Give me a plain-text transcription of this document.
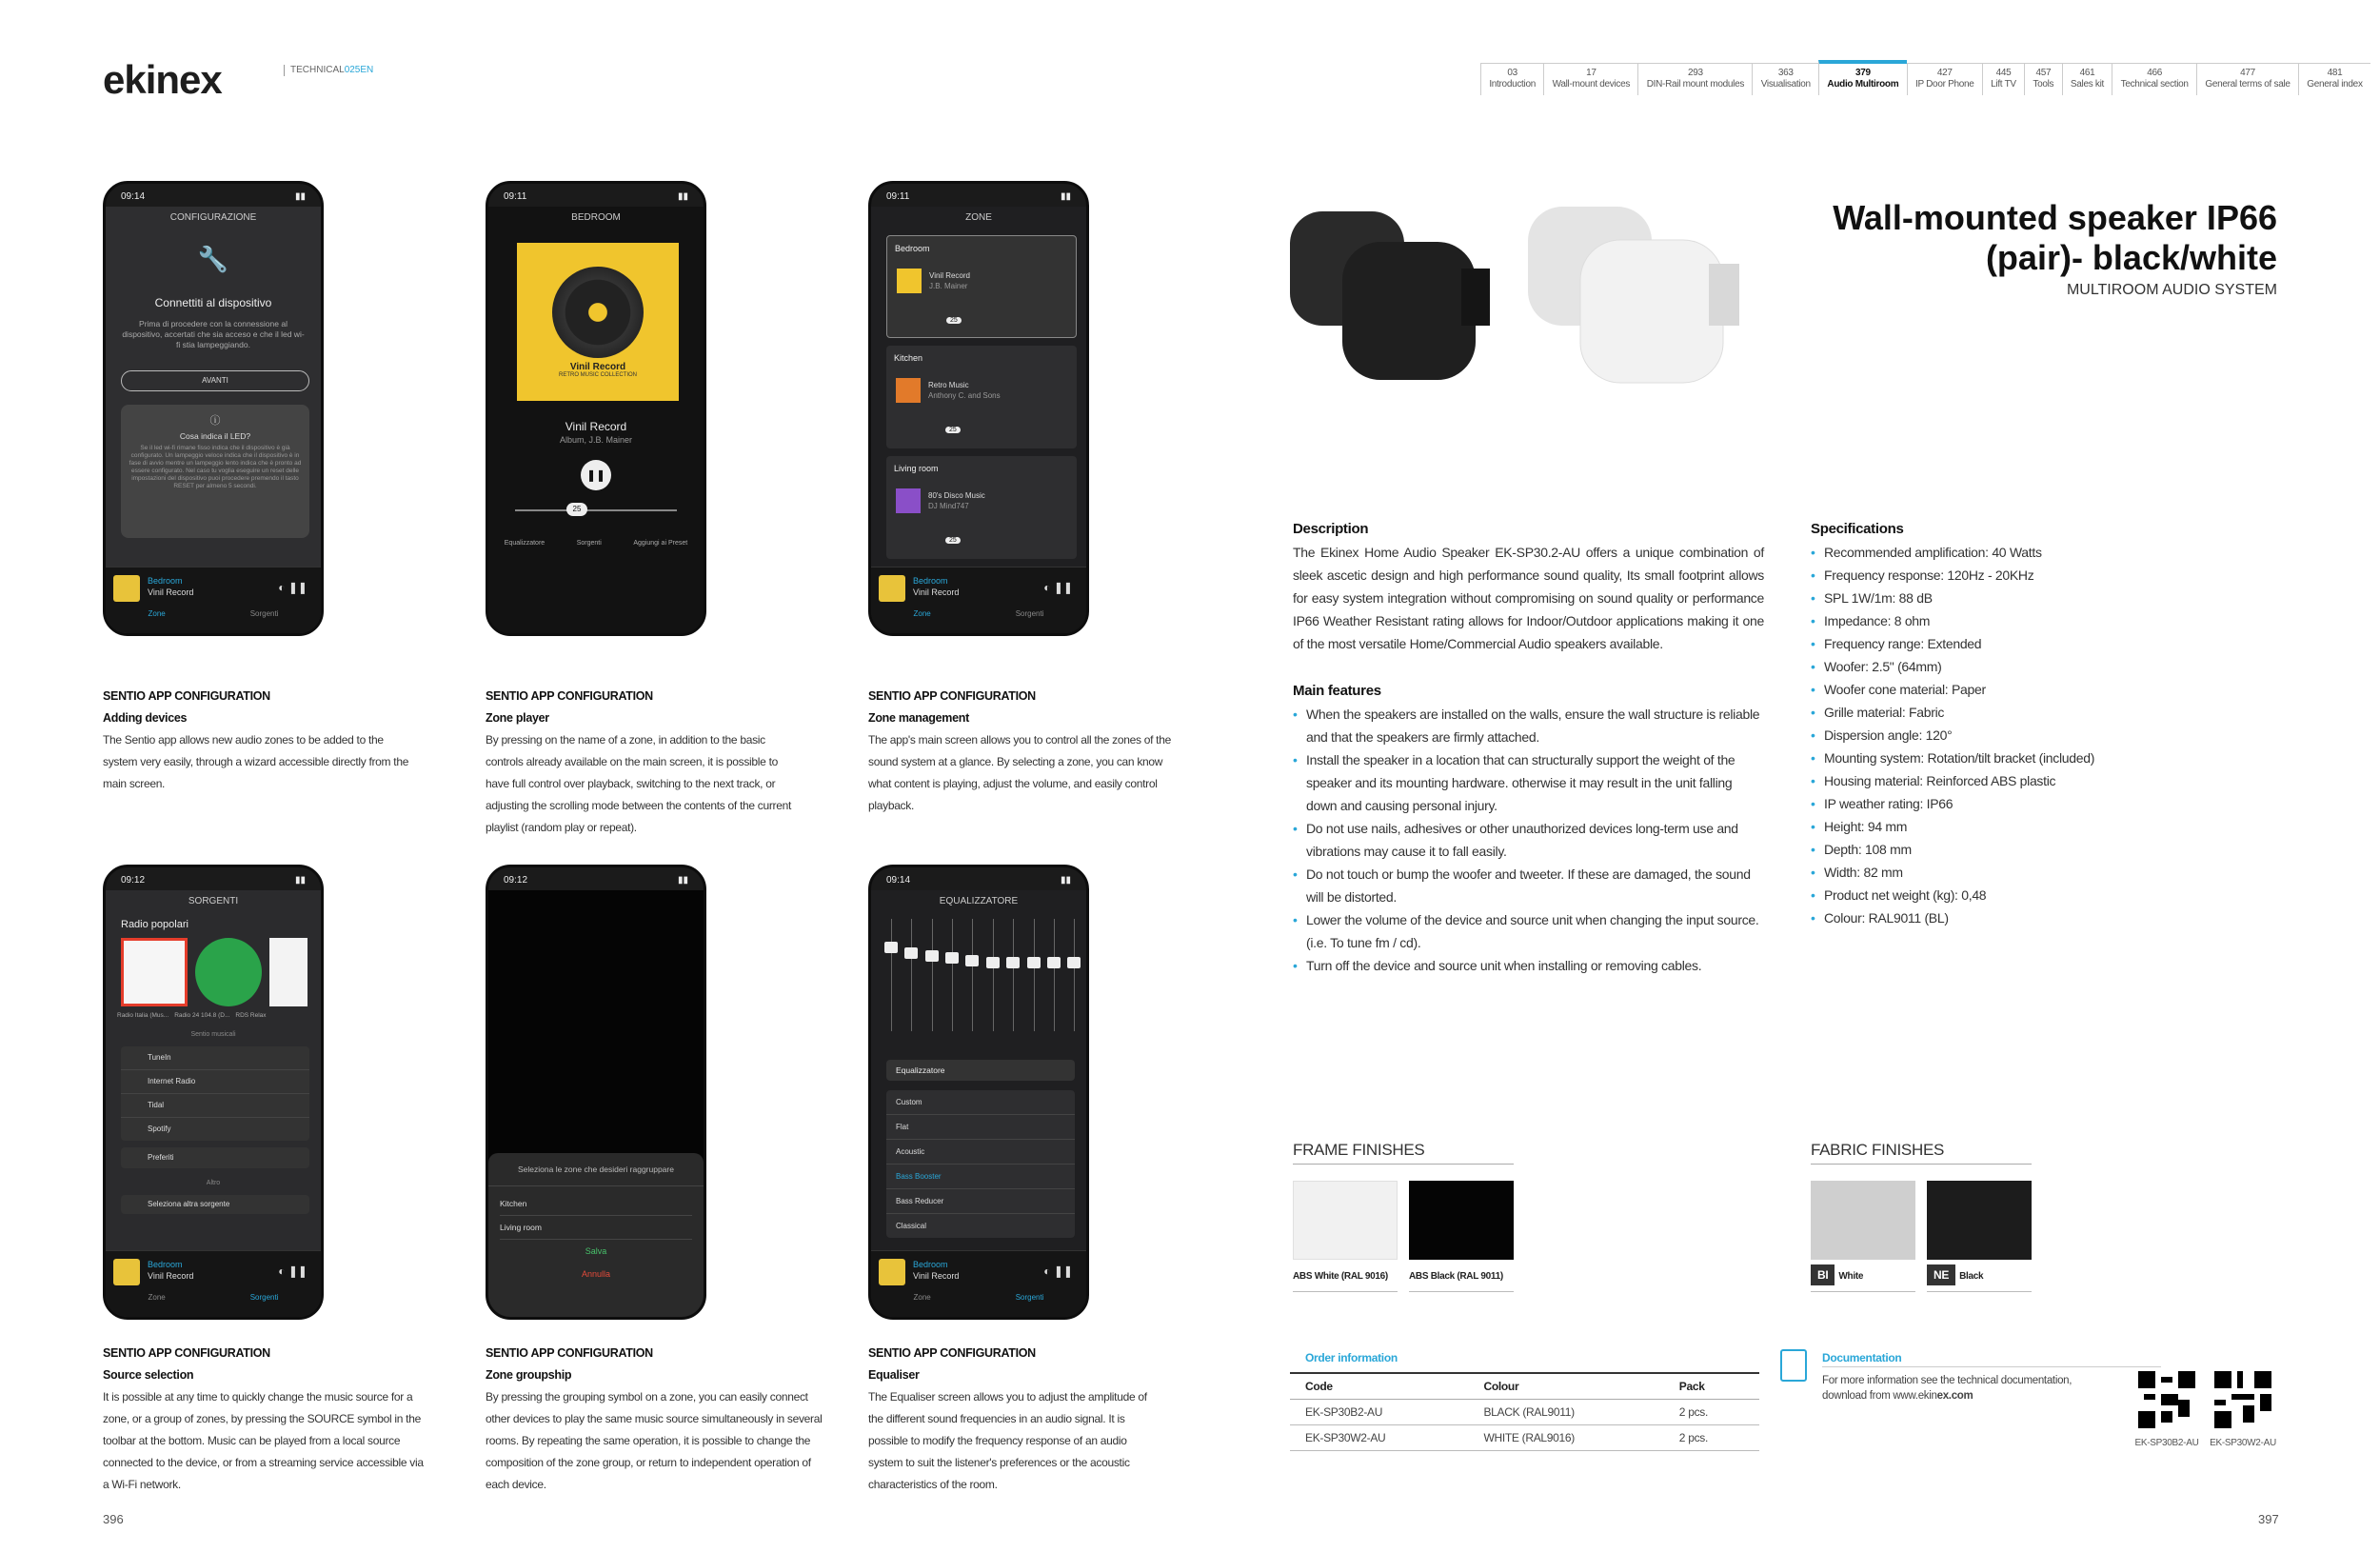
ekinex	TECHNICAL025EN	03
Introduction
17
Wall-mount devices
293
DIN-Rail mount modules
363
Visualisation
379
Audio Multiroom
427
IP Door Phone
445
Lift TV
457
Tools
461
Sales kit
466
Technical section
477
General terms of sale
481
General index
09:14	▮▮
CONFIGURAZIONE
🔧
Connettiti al dispositivo
Prima di procedere con la connessione al dispositivo, accertati che sia acceso e che il led wi-fi stia lampeggiando.
AVANTI
ⓘ
Cosa indica il LED?
Se il led wi-fi rimane fisso indica che il dispositivo è già configurato. Un lampeggio veloce indica che il dispositivo è in fase di avvio mentre un lampeggio lento indica che è pronto ad essere configurato. Nel caso tu voglia eseguire un reset delle impostazioni del dispositivo puoi procedere premendo il tasto RESET per almeno 5 secondi.
Bedroom
Vinil Record	◐ ❚❚
Zone	Sorgenti
09:11	▮▮
BEDROOM
Vinil Record
RETRO MUSIC COLLECTION
Vinil Record
Album, J.B. Mainer
❚❚
25
Equalizzatore	Sorgenti	Aggiungi ai Preset
09:11	▮▮
ZONE
Bedroom
Vinil Record
J.B. Mainer
25
Kitchen
Retro Music
Anthony C. and Sons
25
Living room
80's Disco Music
DJ Mind747
25
Bedroom
Vinil Record	◐ ❚❚
Zone	Sorgenti
09:12	▮▮
SORGENTI
Radio popolari
Radio Italia (Mus... Radio 24 104.8 (D... RDS Relax
Sentio musicali
TuneIn
Internet Radio
Tidal
Spotify
Preferiti
Altro
Seleziona altra sorgente
Bedroom
Vinil Record	◐ ❚❚
Zone	Sorgenti
09:12	▮▮
Seleziona le zone che desideri raggruppare
Kitchen
Living room
Salva
Annulla
09:14	▮▮
EQUALIZZATORE
Equalizzatore
Custom
Flat
Acoustic
Bass Booster
Bass Reducer
Classical
Bedroom
Vinil Record	◐ ❚❚
Zone	Sorgenti
SENTIO APP CONFIGURATION
Adding devices

The Sentio app allows new audio zones to be added to the system very easily, through a wizard accessible directly from the main screen.

SENTIO APP CONFIGURATION
Zone player

By pressing on the name of a zone, in addition to the basic controls already available on the main screen, it is possible to have full control over playback, switching to the next track, or adjusting the scrolling mode between the contents of the current playlist (random play or repeat).

SENTIO APP CONFIGURATION
Zone management

The app's main screen allows you to control all the zones of the sound system at a glance. By selecting a zone, you can know what content is playing, adjust the volume, and easily control playback.

SENTIO APP CONFIGURATION
Source selection

It is possible at any time to quickly change the music source for a zone, or a group of zones, by pressing the SOURCE symbol in the toolbar at the bottom. Music can be played from a local source connected to the device, or from a streaming service accessible via a Wi-Fi network.

SENTIO APP CONFIGURATION
Zone groupship

By pressing the grouping symbol on a zone, you can easily connect other devices to play the same music source simultaneously in several rooms. By repeating the same operation, it is possible to change the composition of the zone group, or return to independent operation of each device.

SENTIO APP CONFIGURATION
Equaliser

The Equaliser screen allows you to adjust the amplitude of the different sound frequencies in an audio signal. It is possible to modify the frequency response of an audio system to suit the listener's preferences or the acoustic characteristics of the room.

Wall-mounted speaker IP66
(pair)- black/white
MULTIROOM AUDIO SYSTEM
Description

The Ekinex Home Audio Speaker EK-SP30.2-AU offers a unique combination of sleek ascetic design and high performance sound quality, Its small footprint allows for easy system integration without compromising on sound quality or performance IP66 Weather Resistant rating allows for Indoor/Outdoor applications making it one of the most versatile Home/Commercial Audio speakers available.

Main features
• When the speakers are installed on the walls, ensure the wall structure is reliable and that the speakers are firmly attached.
• Install the speaker in a location that can structurally support the weight of the speaker and its mounting hardware. otherwise it may result in the unit falling down and causing personal injury.
• Do not use nails, adhesives or other unauthorized devices long-term use and vibrations may cause it to fall easily.
• Do not touch or bump the woofer and tweeter. If these are damaged, the sound will be distorted.
• Lower the volume of the device and source unit when changing the input source. (i.e. To tune fm / cd).
• Turn off the device and source unit when installing or removing cables.
Specifications
• Recommended amplification: 40 Watts
• Frequency response: 120Hz - 20KHz
• SPL 1W/1m: 88 dB
• Impedance: 8 ohm
• Frequency range: Extended
• Woofer: 2.5" (64mm)
• Woofer cone material: Paper
• Grille material: Fabric
• Dispersion angle: 120°
• Mounting system: Rotation/tilt bracket (included)
• Housing material: Reinforced ABS plastic
• IP weather rating: IP66
• Height: 94 mm
• Depth: 108 mm
• Width: 82 mm
• Product net weight (kg): 0,48
• Colour: RAL9011 (BL)
FRAME FINISHES
ABS White (RAL 9016)	ABS Black (RAL 9011)
FABRIC FINISHES
BI White	NE Black
Order information
Code	Colour	Pack
EK-SP30B2-AU	BLACK (RAL9011)	2 pcs.
EK-SP30W2-AU	WHITE (RAL9016)	2 pcs.
Documentation

For more information see the technical documentation,
download from www.ekinex.com

EK-SP30B2-AU	EK-SP30W2-AU
396	397
